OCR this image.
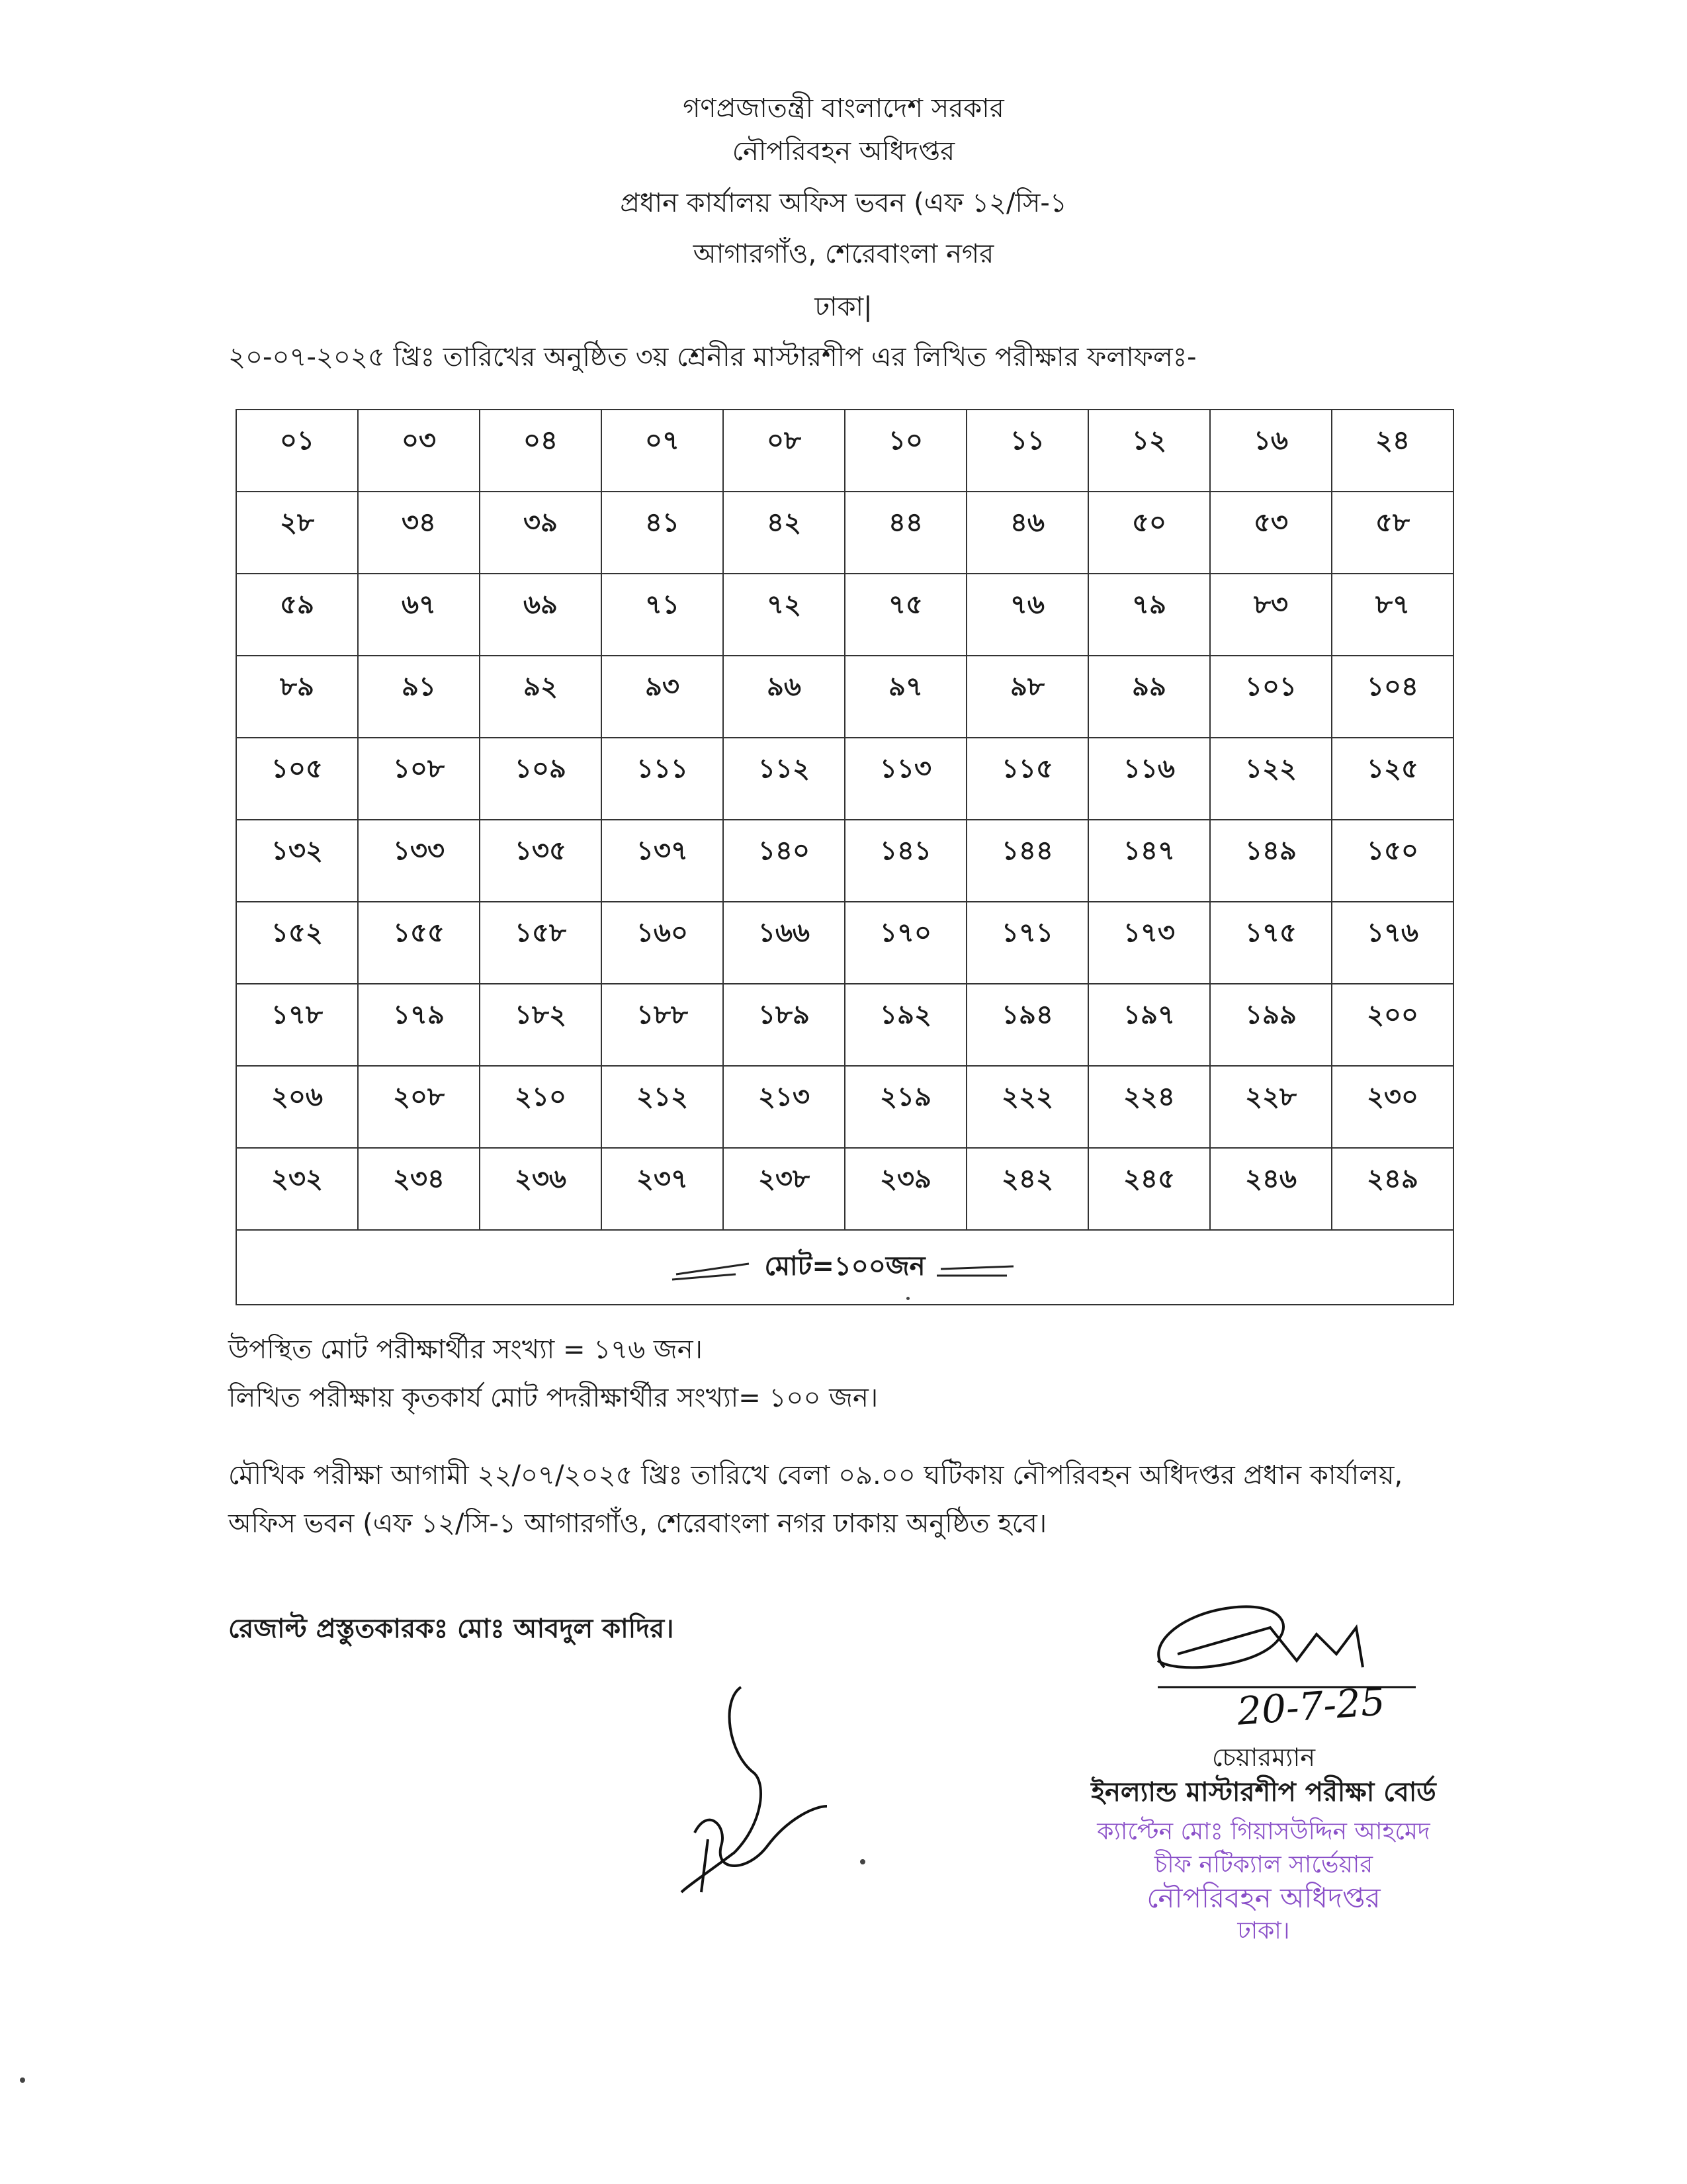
গণপ্রজাতন্ত্রী বাংলাদেশ সরকার
নৌপরিবহন অধিদপ্তর
প্রধান কার্যালয় অফিস ভবন (এফ ১২/সি-১
আগারগাঁও, শেরেবাংলা নগর
ঢাকা|
২০-০৭-২০২৫ খ্রিঃ তারিখের অনুষ্ঠিত ৩য় শ্রেনীর মাস্টারশীপ এর লিখিত পরীক্ষার ফলাফলঃ-
০১	০৩	০৪	০৭	০৮	১০	১১	১২	১৬	২৪
২৮	৩৪	৩৯	৪১	৪২	৪৪	৪৬	৫০	৫৩	৫৮
৫৯	৬৭	৬৯	৭১	৭২	৭৫	৭৬	৭৯	৮৩	৮৭
৮৯	৯১	৯২	৯৩	৯৬	৯৭	৯৮	৯৯	১০১	১০৪
১০৫	১০৮	১০৯	১১১	১১২	১১৩	১১৫	১১৬	১২২	১২৫
১৩২	১৩৩	১৩৫	১৩৭	১৪০	১৪১	১৪৪	১৪৭	১৪৯	১৫০
১৫২	১৫৫	১৫৮	১৬০	১৬৬	১৭০	১৭১	১৭৩	১৭৫	১৭৬
১৭৮	১৭৯	১৮২	১৮৮	১৮৯	১৯২	১৯৪	১৯৭	১৯৯	২০০
২০৬	২০৮	২১০	২১২	২১৩	২১৯	২২২	২২৪	২২৮	২৩০
২৩২	২৩৪	২৩৬	২৩৭	২৩৮	২৩৯	২৪২	২৪৫	২৪৬	২৪৯
মোট=১০০জন									
উপস্থিত মোট পরীক্ষার্থীর সংখ্যা = ১৭৬ জন।
লিখিত পরীক্ষায় কৃতকার্য মোট পদরীক্ষার্থীর সংখ্যা= ১০০ জন।
মৌখিক পরীক্ষা আগামী ২২/০৭/২০২৫ খ্রিঃ তারিখে বেলা ০৯.০০ ঘটিকায় নৌপরিবহন অধিদপ্তর প্রধান কার্যালয়,
অফিস ভবন (এফ ১২/সি-১ আগারগাঁও, শেরেবাংলা নগর ঢাকায় অনুষ্ঠিত হবে।
রেজাল্ট প্রস্তুতকারকঃ মোঃ আবদুল কাদির।
20-7-25
চেয়ারম্যান
ইনল্যান্ড মাস্টারশীপ পরীক্ষা বোর্ড
ক্যাপ্টেন মোঃ গিয়াসউদ্দিন আহমেদ
চীফ নটিক্যাল সার্ভেয়ার
নৌপরিবহন অধিদপ্তর
ঢাকা।
